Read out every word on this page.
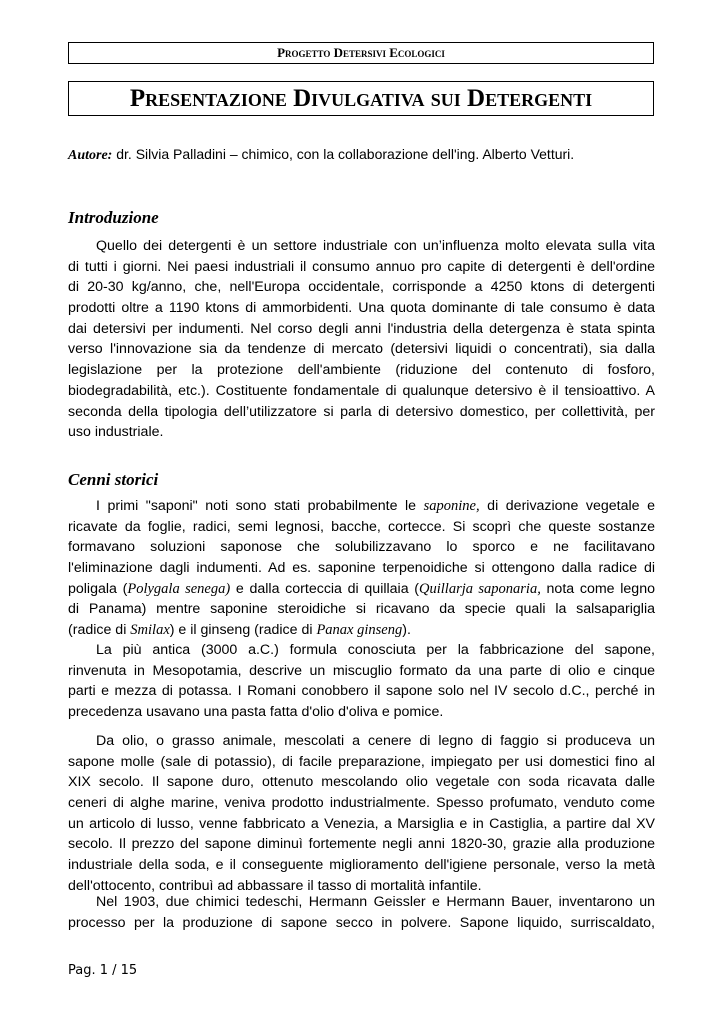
Progetto Detersivi Ecologici
Presentazione Divulgativa sui Detergenti
Autore: dr. Silvia Palladini – chimico, con la collaborazione dell'ing. Alberto Vetturi.
Introduzione
Quello dei detergenti è un settore industriale con un’influenza molto elevata sulla vita
di tutti i giorni. Nei paesi industriali il consumo annuo pro capite di detergenti è dell'ordine
di 20-30 kg/anno, che, nell'Europa occidentale, corrisponde a 4250 ktons di detergenti
prodotti oltre a 1190 ktons di ammorbidenti. Una quota dominante di tale consumo è data
dai detersivi per indumenti. Nel corso degli anni l'industria della detergenza è stata spinta
verso l'innovazione sia da tendenze di mercato (detersivi liquidi o concentrati), sia dalla
legislazione per la protezione dell'ambiente (riduzione del contenuto di fosforo,
biodegradabilità, etc.). Costituente fondamentale di qualunque detersivo è il tensioattivo. A
seconda della tipologia dell’utilizzatore si parla di detersivo domestico, per collettività, per
uso industriale.
Cenni storici
I primi "saponi" noti sono stati probabilmente le saponine, di derivazione vegetale e
ricavate da foglie, radici, semi legnosi, bacche, cortecce. Si scoprì che queste sostanze
formavano soluzioni saponose che solubilizzavano lo sporco e ne facilitavano
l'eliminazione dagli indumenti. Ad es. saponine terpenoidiche si ottengono dalla radice di
poligala (Polygala senega) e dalla corteccia di quillaia (Quillarja saponaria, nota come legno
di Panama) mentre saponine steroidiche si ricavano da specie quali la salsapariglia
(radice di Smilax) e il ginseng (radice di Panax ginseng).
La più antica (3000 a.C.) formula conosciuta per la fabbricazione del sapone,
rinvenuta in Mesopotamia, descrive un miscuglio formato da una parte di olio e cinque
parti e mezza di potassa. I Romani conobbero il sapone solo nel IV secolo d.C., perché in
precedenza usavano una pasta fatta d'olio d'oliva e pomice.
Da olio, o grasso animale, mescolati a cenere di legno di faggio si produceva un
sapone molle (sale di potassio), di facile preparazione, impiegato per usi domestici fino al
XIX secolo. Il sapone duro, ottenuto mescolando olio vegetale con soda ricavata dalle
ceneri di alghe marine, veniva prodotto industrialmente. Spesso profumato, venduto come
un articolo di lusso, venne fabbricato a Venezia, a Marsiglia e in Castiglia, a partire dal XV
secolo. Il prezzo del sapone diminuì fortemente negli anni 1820-30, grazie alla produzione
industriale della soda, e il conseguente miglioramento dell'igiene personale, verso la metà
dell'ottocento, contribuì ad abbassare il tasso di mortalità infantile.
Nel 1903, due chimici tedeschi, Hermann Geissler e Hermann Bauer, inventarono un
processo per la produzione di sapone secco in polvere. Sapone liquido, surriscaldato,
Pag. 1 / 15
